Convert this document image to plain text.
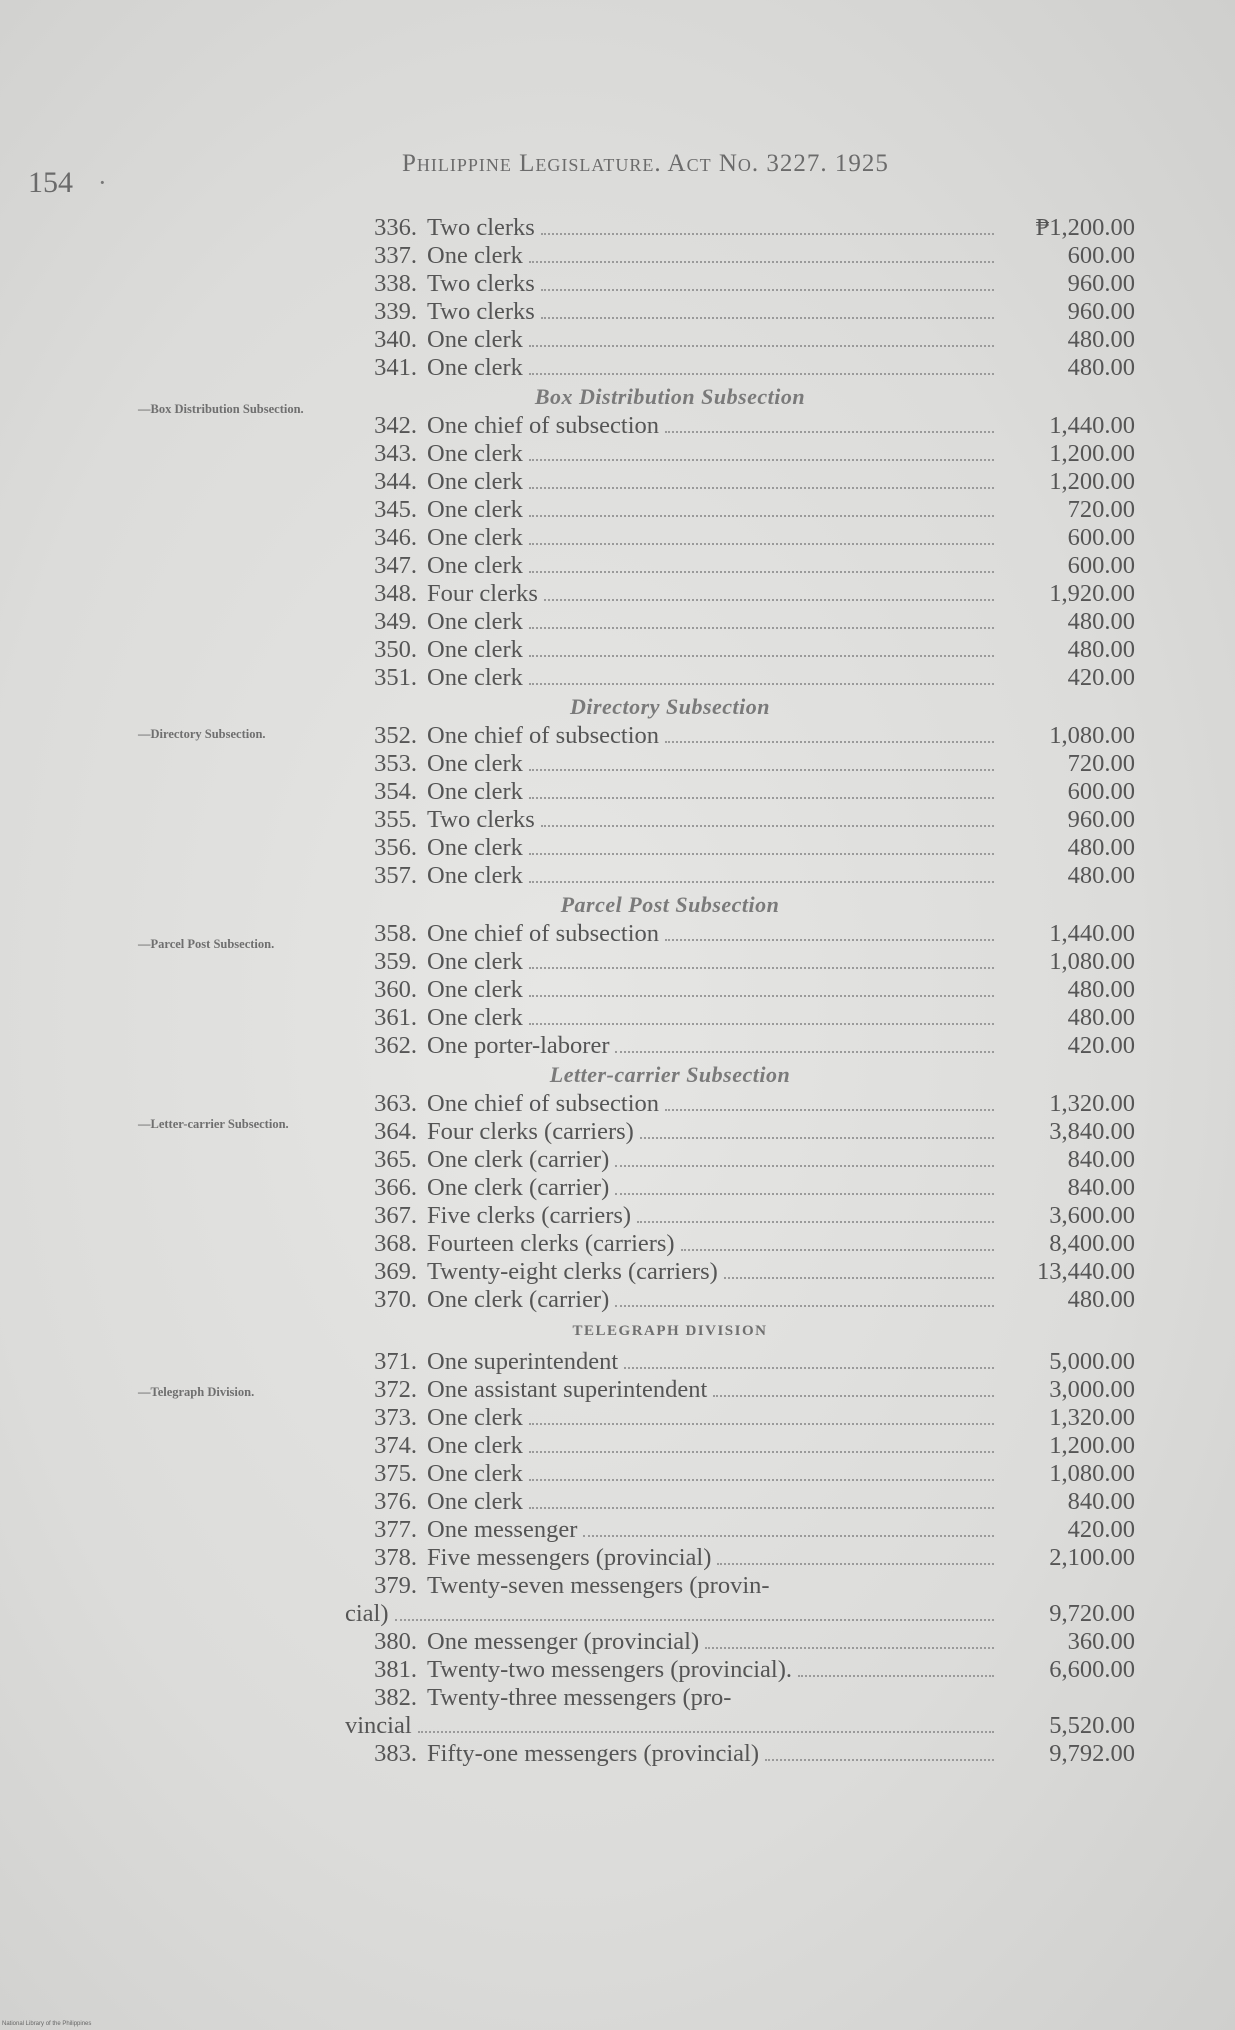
154 ·
Philippine Legislature. Act No. 3227. 1925
—Box Distribution Subsection.
—Directory Subsection.
—Parcel Post Subsection.
—Letter-carrier Subsection.
—Telegraph Division.
336. Two clerks	₱1,200.00
337. One clerk	600.00
338. Two clerks	960.00
339. Two clerks	960.00
340. One clerk	480.00
341. One clerk	480.00
Box Distribution Subsection
342. One chief of subsection	1,440.00
343. One clerk	1,200.00
344. One clerk	1,200.00
345. One clerk	720.00
346. One clerk	600.00
347. One clerk	600.00
348. Four clerks	1,920.00
349. One clerk	480.00
350. One clerk	480.00
351. One clerk	420.00
Directory Subsection
352. One chief of subsection	1,080.00
353. One clerk	720.00
354. One clerk	600.00
355. Two clerks	960.00
356. One clerk	480.00
357. One clerk	480.00
Parcel Post Subsection
358. One chief of subsection	1,440.00
359. One clerk	1,080.00
360. One clerk	480.00
361. One clerk	480.00
362. One porter-laborer	420.00
Letter-carrier Subsection
363. One chief of subsection	1,320.00
364. Four clerks (carriers)	3,840.00
365. One clerk (carrier)	840.00
366. One clerk (carrier)	840.00
367. Five clerks (carriers)	3,600.00
368. Fourteen clerks (carriers)	8,400.00
369. Twenty-eight clerks (carriers)	13,440.00
370. One clerk (carrier)	480.00
TELEGRAPH DIVISION
371. One superintendent	5,000.00
372. One assistant superintendent	3,000.00
373. One clerk	1,320.00
374. One clerk	1,200.00
375. One clerk	1,080.00
376. One clerk	840.00
377. One messenger	420.00
378. Five messengers (provincial)	2,100.00
379. Twenty-seven messengers (provin-
cial)	9,720.00
380. One messenger (provincial)	360.00
381. Twenty-two messengers (provincial).	6,600.00
382. Twenty-three messengers (pro-
vincial	5,520.00
383. Fifty-one messengers (provincial)	9,792.00
National Library of the Philippines
